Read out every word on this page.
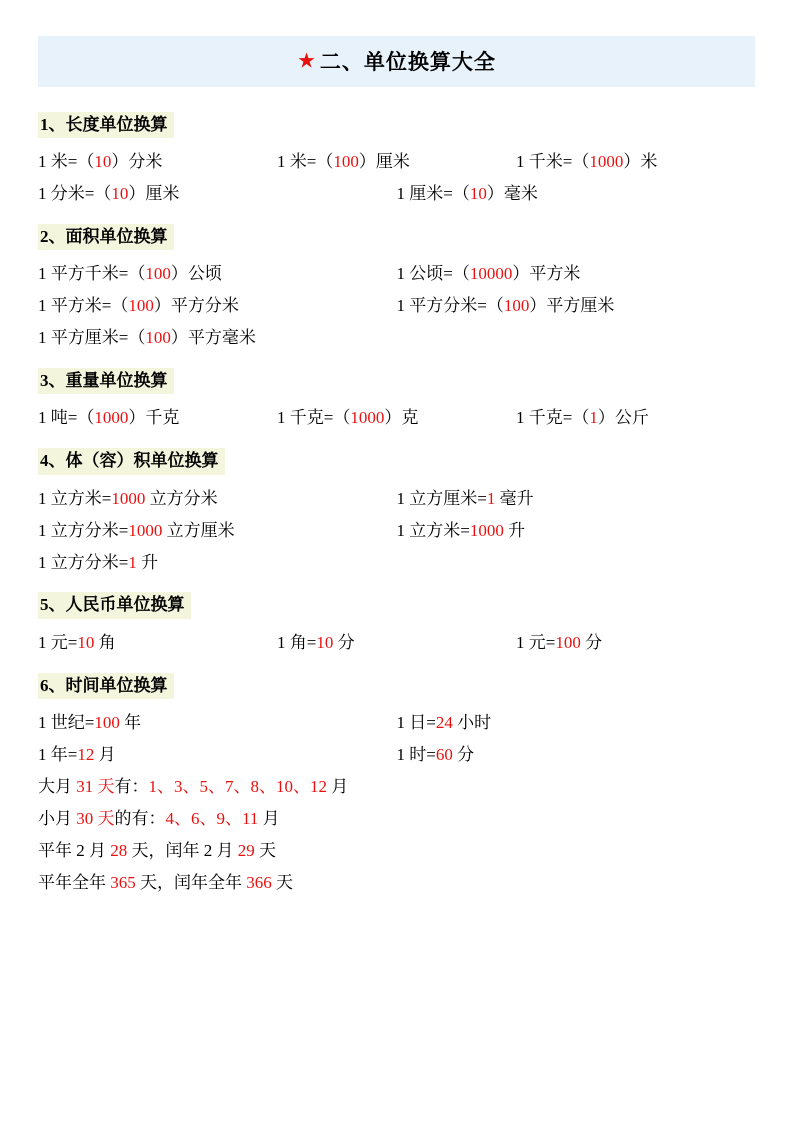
★ 二、单位换算大全
1、长度单位换算
1 米=（10）分米	1 米=（100）厘米	1 千米=（1000）米
1 分米=（10）厘米	1 厘米=（10）毫米
2、面积单位换算
1 平方千米=（100）公顷	1 公顷=（10000）平方米
1 平方米=（100）平方分米	1 平方分米=（100）平方厘米
1 平方厘米=（100）平方毫米
3、重量单位换算
1 吨=（1000）千克	1 千克=（1000）克	1 千克=（1）公斤
4、体（容）积单位换算
1 立方米=1000 立方分米	1 立方厘米=1 毫升
1 立方分米=1000 立方厘米	1 立方米=1000 升
1 立方分米=1 升
5、人民币单位换算
1 元=10 角	1 角=10 分	1 元=100 分
6、时间单位换算
1 世纪=100 年	1 日=24 小时
1 年=12 月	1 时=60 分
大月 31 天有：1、3、5、7、8、10、12 月
小月 30 天的有：4、6、9、11 月
平年 2 月 28 天，闰年 2 月 29 天
平年全年 365 天，闰年全年 366 天
